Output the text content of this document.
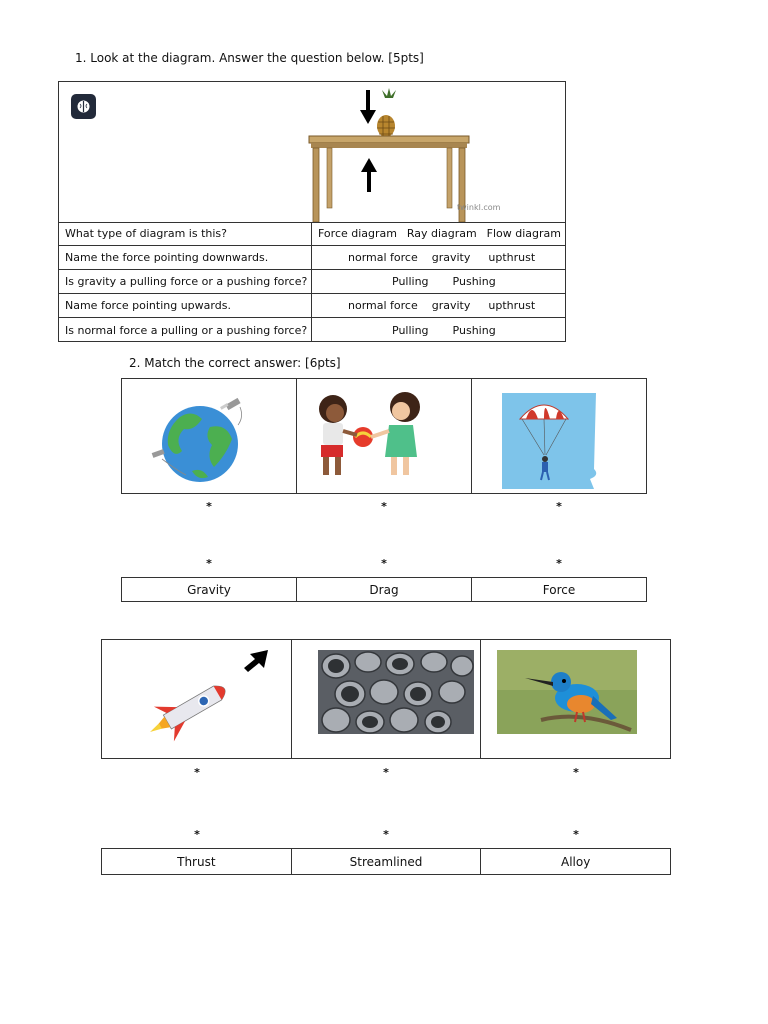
1. Look at the diagram. Answer the question below. [5pts]
twinkl.com
What type of diagram is this?	Force diagram Ray diagram Flow diagram
Name the force pointing downwards.	normal force gravity upthrust
Is gravity a pulling force or a pushing force?	Pulling Pushing
Name force pointing upwards.	normal force gravity upthrust
Is normal force a pulling or a pushing force?	Pulling Pushing
2. Match the correct answer: [6pts]
*	*	*
*	*	*
Gravity	Drag	Force
*	*	*
*	*	*
Thrust	Streamlined	Alloy
